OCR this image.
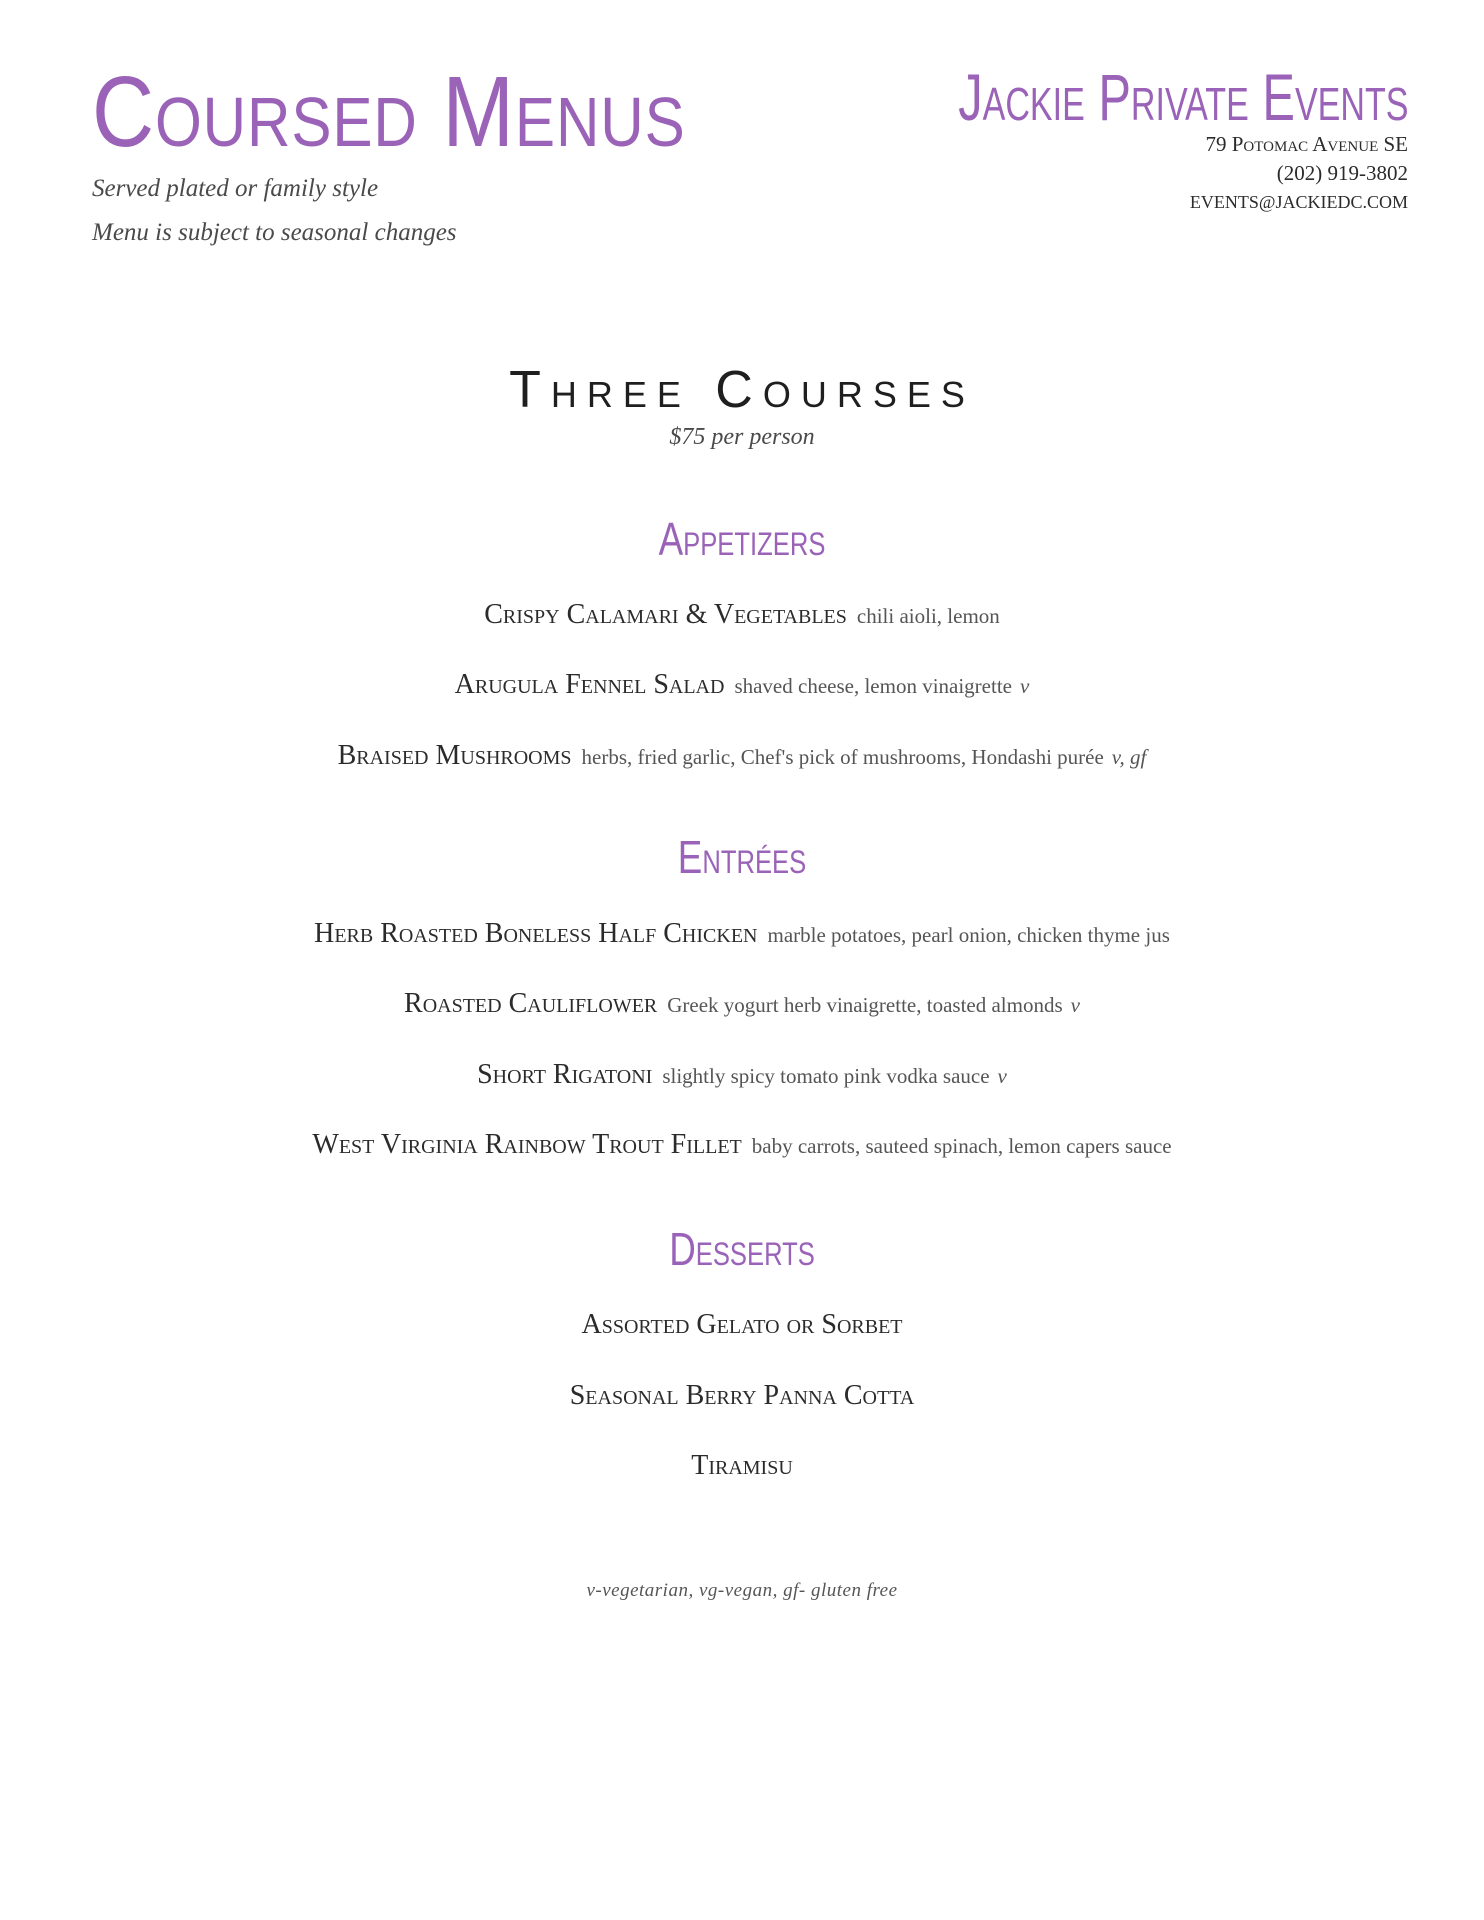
Coursed Menus
Served plated or family style
Menu is subject to seasonal changes
Jackie Private Events
79 Potomac Avenue SE
(202) 919-3802
EVENTS@JACKIEDC.COM
Three Courses
$75 per person
Appetizers
Crispy Calamari & Vegetables chili aioli, lemon
Arugula Fennel Salad shaved cheese, lemon vinaigrette v
Braised Mushrooms herbs, fried garlic, Chef's pick of mushrooms, Hondashi purée v, gf
Entrées
Herb Roasted Boneless Half Chicken marble potatoes, pearl onion, chicken thyme jus
Roasted Cauliflower Greek yogurt herb vinaigrette, toasted almonds v
Short Rigatoni slightly spicy tomato pink vodka sauce v
West Virginia Rainbow Trout Fillet baby carrots, sauteed spinach, lemon capers sauce
Desserts
Assorted Gelato or Sorbet
Seasonal Berry Panna Cotta
Tiramisu
v-vegetarian, vg-vegan, gf- gluten free
